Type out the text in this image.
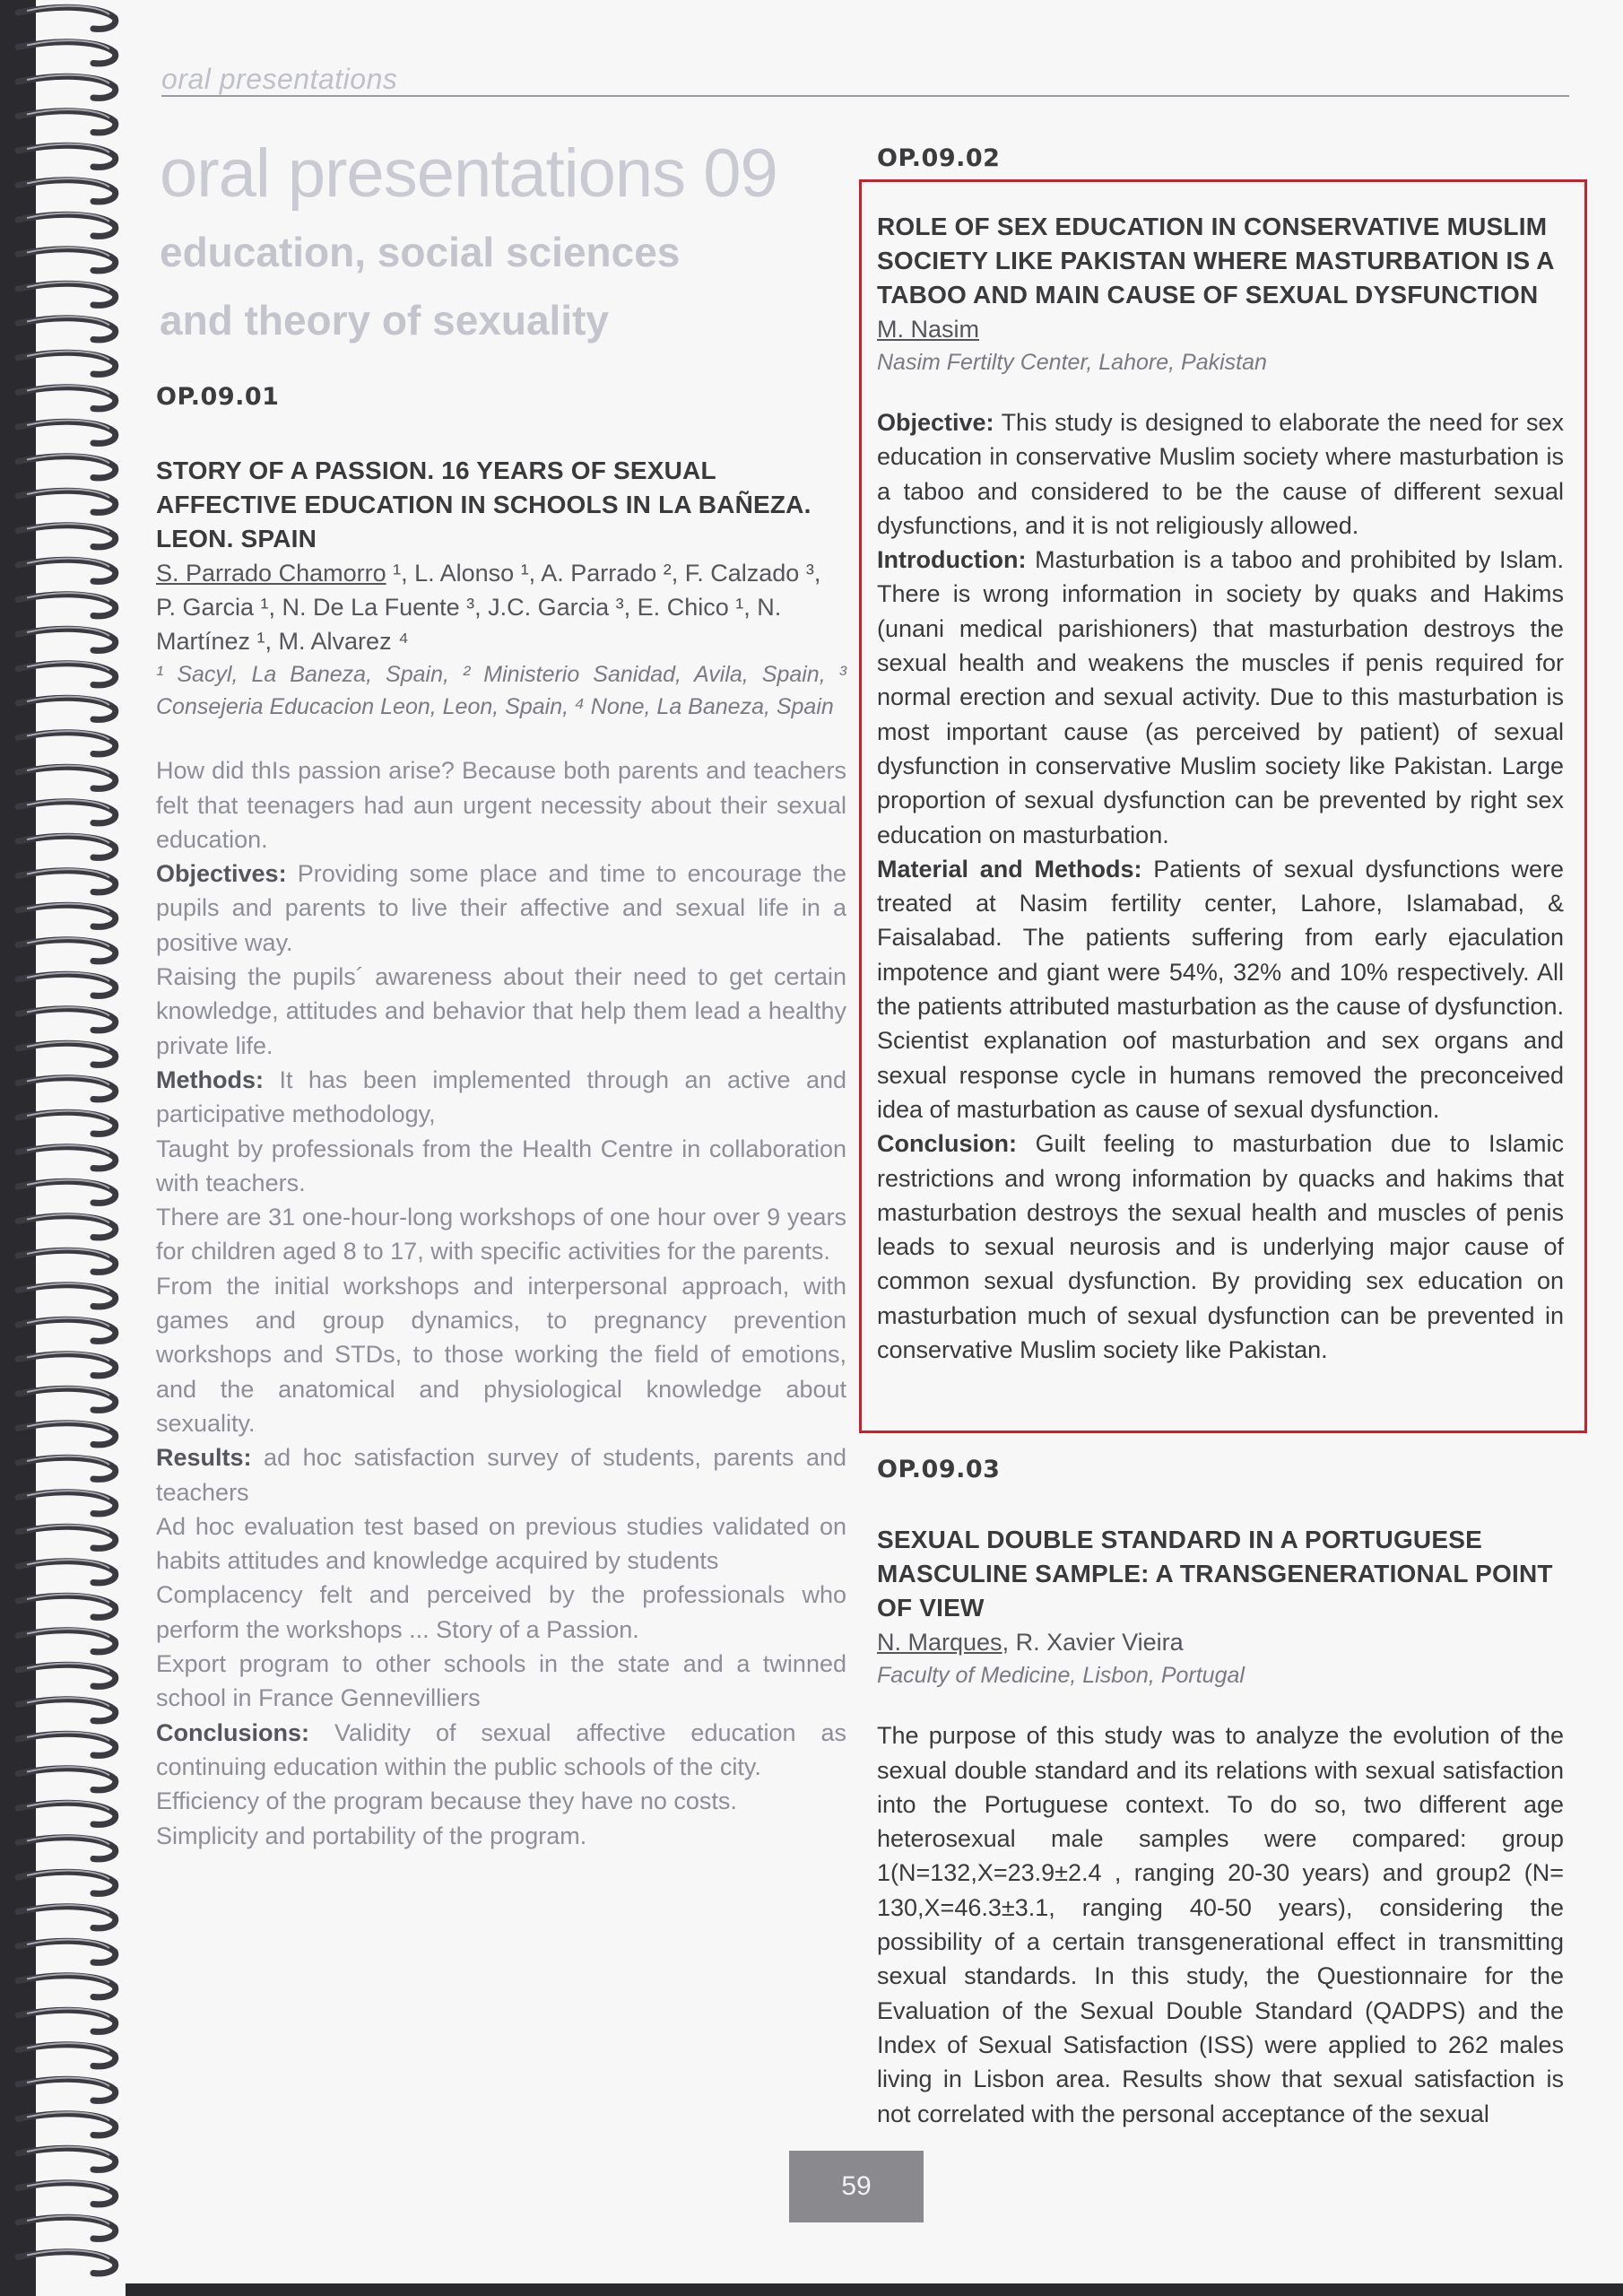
oral presentations
oral presentations 09
education, social sciences
and theory of sexuality
OP.09.01
STORY OF A PASSION. 16 YEARS OF SEXUAL AFFECTIVE EDUCATION IN SCHOOLS IN LA BAÑEZA. LEON. SPAIN
S. Parrado Chamorro ¹, L. Alonso ¹, A. Parrado ², F. Calzado ³, P. Garcia ¹, N. De La Fuente ³, J.C. Garcia ³, E. Chico ¹, N. Martínez ¹, M. Alvarez ⁴
¹ Sacyl, La Baneza, Spain, ² Ministerio Sanidad, Avila, Spain, ³ Consejeria Educacion Leon, Leon, Spain, ⁴ None, La Baneza, Spain

How did thIs passion arise? Because both parents and teachers felt that teenagers had aun urgent necessity about their sexual education.

Objectives: Providing some place and time to encourage the pupils and parents to live their affective and sexual life in a positive way.

Raising the pupils´ awareness about their need to get certain knowledge, attitudes and behavior that help them lead a healthy private life.

Methods: It has been implemented through an active and participative methodology,

Taught by professionals from the Health Centre in collaboration with teachers.

There are 31 one-hour-long workshops of one hour over 9 years for children aged 8 to 17, with specific activities for the parents.

From the initial workshops and interpersonal approach, with games and group dynamics, to pregnancy prevention workshops and STDs, to those working the field of emotions, and the anatomical and physiological knowledge about sexuality.

Results: ad hoc satisfaction survey of students, parents and teachers

Ad hoc evaluation test based on previous studies validated on habits attitudes and knowledge acquired by students

Complacency felt and perceived by the professionals who perform the workshops ... Story of a Passion.

Export program to other schools in the state and a twinned school in France Gennevilliers

Conclusions: Validity of sexual affective education as continuing education within the public schools of the city.

Efficiency of the program because they have no costs.

Simplicity and portability of the program.

OP.09.02
ROLE OF SEX EDUCATION IN CONSERVATIVE MUSLIM SOCIETY LIKE PAKISTAN WHERE MASTURBATION IS A TABOO AND MAIN CAUSE OF SEXUAL DYSFUNCTION
M. Nasim
Nasim Fertilty Center, Lahore, Pakistan

Objective: This study is designed to elaborate the need for sex education in conservative Muslim society where masturbation is a taboo and considered to be the cause of different sexual dysfunctions, and it is not religiously allowed.

Introduction: Masturbation is a taboo and prohibited by Islam. There is wrong information in society by quaks and Hakims (unani medical parishioners) that masturbation destroys the sexual health and weakens the muscles if penis required for normal erection and sexual activity. Due to this masturbation is most important cause (as perceived by patient) of sexual dysfunction in conservative Muslim society like Pakistan. Large proportion of sexual dysfunction can be prevented by right sex education on masturbation.

Material and Methods: Patients of sexual dysfunctions were treated at Nasim fertility center, Lahore, Islamabad, & Faisalabad. The patients suffering from early ejaculation impotence and giant were 54%, 32% and 10% respectively. All the patients attributed masturbation as the cause of dysfunction. Scientist explanation oof masturbation and sex organs and sexual response cycle in humans removed the preconceived idea of masturbation as cause of sexual dysfunction.

Conclusion: Guilt feeling to masturbation due to Islamic restrictions and wrong information by quacks and hakims that masturbation destroys the sexual health and muscles of penis leads to sexual neurosis and is underlying major cause of common sexual dysfunction. By providing sex education on masturbation much of sexual dysfunction can be prevented in conservative Muslim society like Pakistan.

OP.09.03
SEXUAL DOUBLE STANDARD IN A PORTUGUESE MASCULINE SAMPLE: A TRANSGENERATIONAL POINT OF VIEW
N. Marques, R. Xavier Vieira
Faculty of Medicine, Lisbon, Portugal

The purpose of this study was to analyze the evolution of the sexual double standard and its relations with sexual satisfaction into the Portuguese context. To do so, two different age heterosexual male samples were compared: group 1(N=132,X=23.9±2.4 , ranging 20-30 years) and group2 (N= 130,X=46.3±3.1, ranging 40-50 years), considering the possibility of a certain transgenerational effect in transmitting sexual standards. In this study, the Questionnaire for the Evaluation of the Sexual Double Standard (QADPS) and the Index of Sexual Satisfaction (ISS) were applied to 262 males living in Lisbon area. Results show that sexual satisfaction is not correlated with the personal acceptance of the sexual

59
